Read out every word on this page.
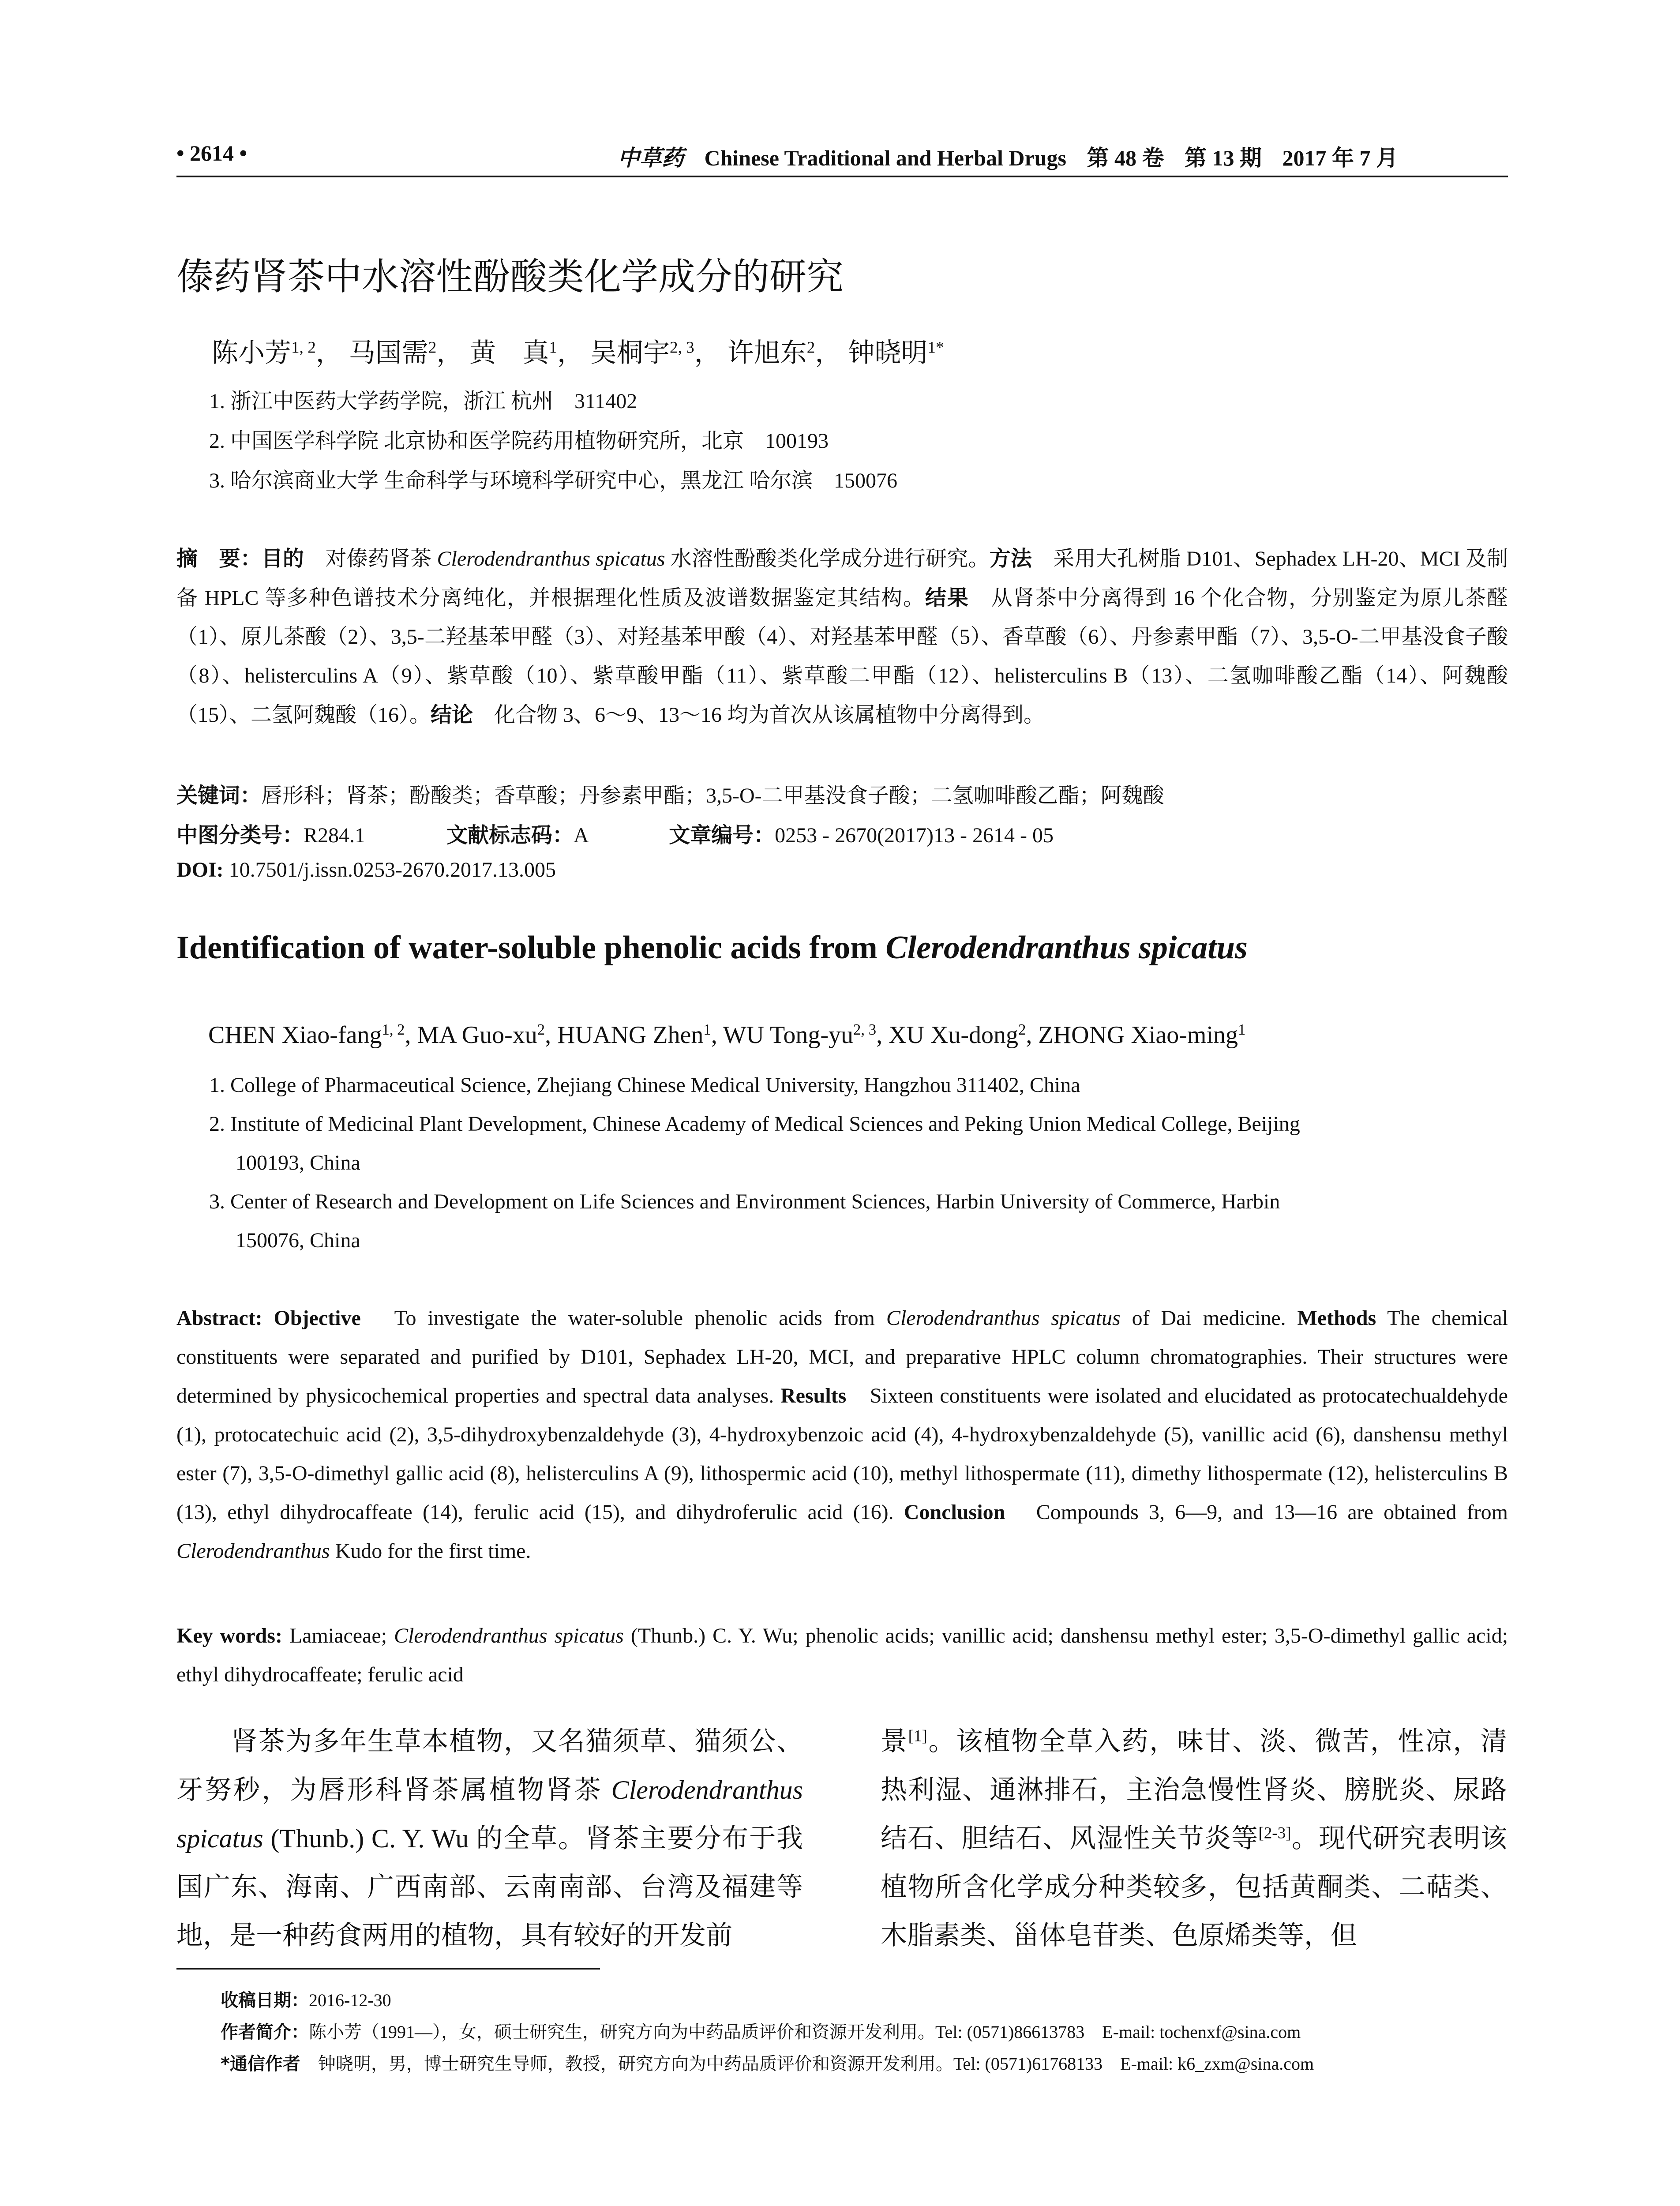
• 2614 •	中草药 Chinese Traditional and Herbal Drugs 第 48 卷 第 13 期 2017 年 7 月
傣药肾茶中水溶性酚酸类化学成分的研究
陈小芳$^{1, 2}$， 马国需$^2$， 黄　真$^1$， 吴桐宇$^{2, 3}$， 许旭东$^2$， 钟晓明$^{1*}$
1. 浙江中医药大学药学院，浙江 杭州　311402
2. 中国医学科学院 北京协和医学院药用植物研究所，北京　100193
3. 哈尔滨商业大学 生命科学与环境科学研究中心，黑龙江 哈尔滨　150076
摘　要：目的　对傣药肾茶 Clerodendranthus spicatus 水溶性酚酸类化学成分进行研究。方法　采用大孔树脂 D101、Sephadex LH-20、MCI 及制备 HPLC 等多种色谱技术分离纯化，并根据理化性质及波谱数据鉴定其结构。结果　从肾茶中分离得到 16 个化合物，分别鉴定为原儿茶醛（1）、原儿茶酸（2）、3,5-二羟基苯甲醛（3）、对羟基苯甲酸（4）、对羟基苯甲醛（5）、香草酸（6）、丹参素甲酯（7）、3,5-O-二甲基没食子酸（8）、helisterculins A（9）、紫草酸（10）、紫草酸甲酯（11）、紫草酸二甲酯（12）、helisterculins B（13）、二氢咖啡酸乙酯（14）、阿魏酸（15）、二氢阿魏酸（16）。结论　化合物 3、6～9、13～16 均为首次从该属植物中分离得到。
关键词：唇形科；肾茶；酚酸类；香草酸；丹参素甲酯；3,5-O-二甲基没食子酸；二氢咖啡酸乙酯；阿魏酸
中图分类号：R284.1	文献标志码：A	文章编号：0253 - 2670(2017)13 - 2614 - 05
DOI: 10.7501/j.issn.0253-2670.2017.13.005
Identification of water-soluble phenolic acids from Clerodendranthus spicatus
CHEN Xiao-fang$^{1, 2}$, MA Guo-$xu^2$, HUANG Zhen$^1$, WU Tong-yu$^{2, 3}$, XU Xu-dong$^2$, ZHONG Xiao-ming$^1$
1. College of Pharmaceutical Science, Zhejiang Chinese Medical University, Hangzhou 311402, China
2. Institute of Medicinal Plant Development, Chinese Academy of Medical Sciences and Peking Union Medical College, Beijing
100193, China
3. Center of Research and Development on Life Sciences and Environment Sciences, Harbin University of Commerce, Harbin
150076, China
Abstract: Objective　To investigate the water-soluble phenolic acids from Clerodendranthus spicatus of Dai medicine. Methods The chemical constituents were separated and purified by D101, Sephadex LH-20, MCI, and preparative HPLC column chromatographies. Their structures were determined by physicochemical properties and spectral data analyses. Results　Sixteen constituents were isolated and elucidated as protocatechualdehyde (1), protocatechuic acid (2), 3,5-dihydroxybenzaldehyde (3), 4-hydroxybenzoic acid (4), 4-hydroxybenzaldehyde (5), vanillic acid (6), danshensu methyl ester (7), 3,5-O-dimethyl gallic acid (8), helisterculins A (9), lithospermic acid (10), methyl lithospermate (11), dimethy lithospermate (12), helisterculins B (13), ethyl dihydrocaffeate (14), ferulic acid (15), and dihydroferulic acid (16). Conclusion　Compounds 3, 6—9, and 13—16 are obtained from Clerodendranthus Kudo for the first time.
Key words: Lamiaceae; Clerodendranthus spicatus (Thunb.) C. Y. Wu; phenolic acids; vanillic acid; danshensu methyl ester; 3,5-O-dimethyl gallic acid; ethyl dihydrocaffeate; ferulic acid
　　肾茶为多年生草本植物，又名猫须草、猫须公、牙努秒，为唇形科肾茶属植物肾茶 Clerodendranthus spicatus (Thunb.) C. Y. Wu 的全草。肾茶主要分布于我国广东、海南、广西南部、云南南部、台湾及福建等地，是一种药食两用的植物，具有较好的开发前
景[1]。该植物全草入药，味甘、淡、微苦，性凉，清热利湿、通淋排石，主治急慢性肾炎、膀胱炎、尿路结石、胆结石、风湿性关节炎等[2-3]。现代研究表明该植物所含化学成分种类较多，包括黄酮类、二萜类、木脂素类、甾体皂苷类、色原烯类等，但
收稿日期：2016-12-30
作者简介：陈小芳（1991—），女，硕士研究生，研究方向为中药品质评价和资源开发利用。Tel: (0571)86613783　E-mail: tochenxf@sina.com
*通信作者　钟晓明，男，博士研究生导师，教授，研究方向为中药品质评价和资源开发利用。Tel: (0571)61768133　E-mail: k6_zxm@sina.com
